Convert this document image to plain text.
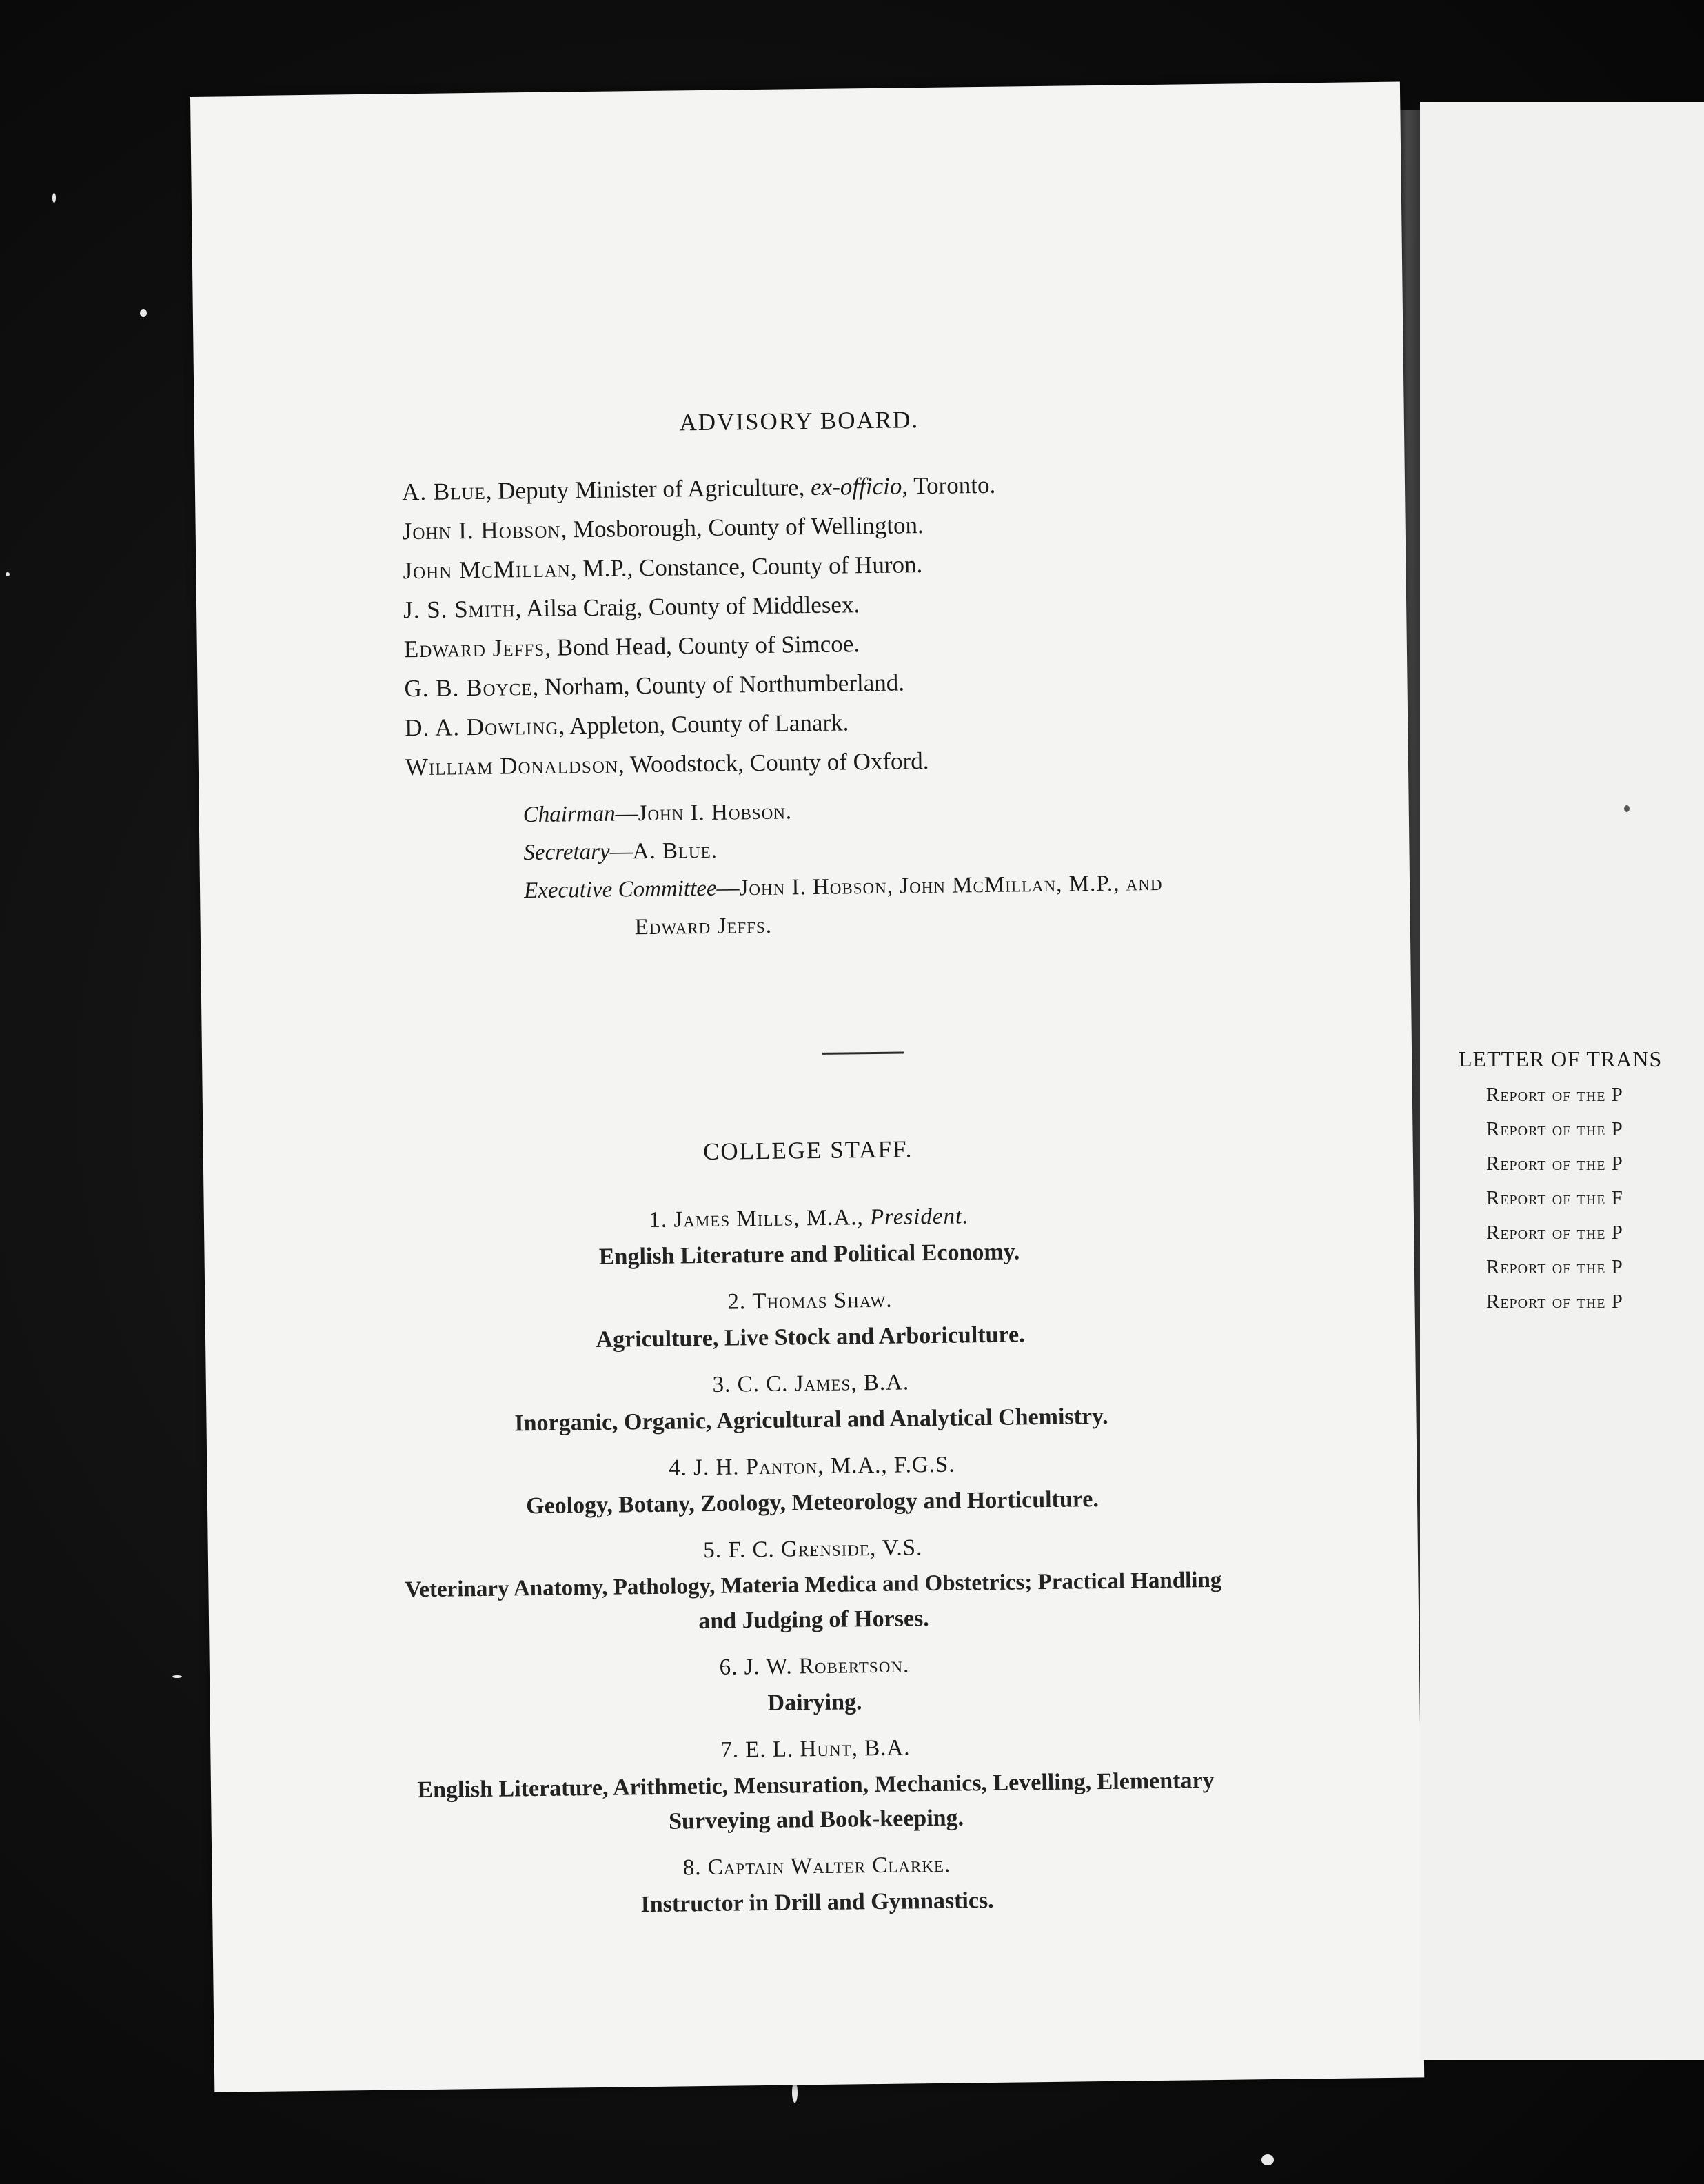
ADVISORY BOARD.
A. Blue, Deputy Minister of Agriculture, ex-officio, Toronto.
John I. Hobson, Mosborough, County of Wellington.
John McMillan, M.P., Constance, County of Huron.
J. S. Smith, Ailsa Craig, County of Middlesex.
Edward Jeffs, Bond Head, County of Simcoe.
G. B. Boyce, Norham, County of Northumberland.
D. A. Dowling, Appleton, County of Lanark.
William Donaldson, Woodstock, County of Oxford.
Chairman—John I. Hobson.
Secretary—A. Blue.
Executive Committee—John I. Hobson, John McMillan, M.P., and
Edward Jeffs.
COLLEGE STAFF.
1. James Mills, M.A., President.
English Literature and Political Economy.
2. Thomas Shaw.
Agriculture, Live Stock and Arboriculture.
3. C. C. James, B.A.
Inorganic, Organic, Agricultural and Analytical Chemistry.
4. J. H. Panton, M.A., F.G.S.
Geology, Botany, Zoology, Meteorology and Horticulture.
5. F. C. Grenside, V.S.
Veterinary Anatomy, Pathology, Materia Medica and Obstetrics; Practical Handling
and Judging of Horses.
6. J. W. Robertson.
Dairying.
7. E. L. Hunt, B.A.
English Literature, Arithmetic, Mensuration, Mechanics, Levelling, Elementary
Surveying and Book-keeping.
8. Captain Walter Clarke.
Instructor in Drill and Gymnastics.
LETTER OF TRANS
Report of the P
Report of the P
Report of the P
Report of the F
Report of the P
Report of the P
Report of the P
